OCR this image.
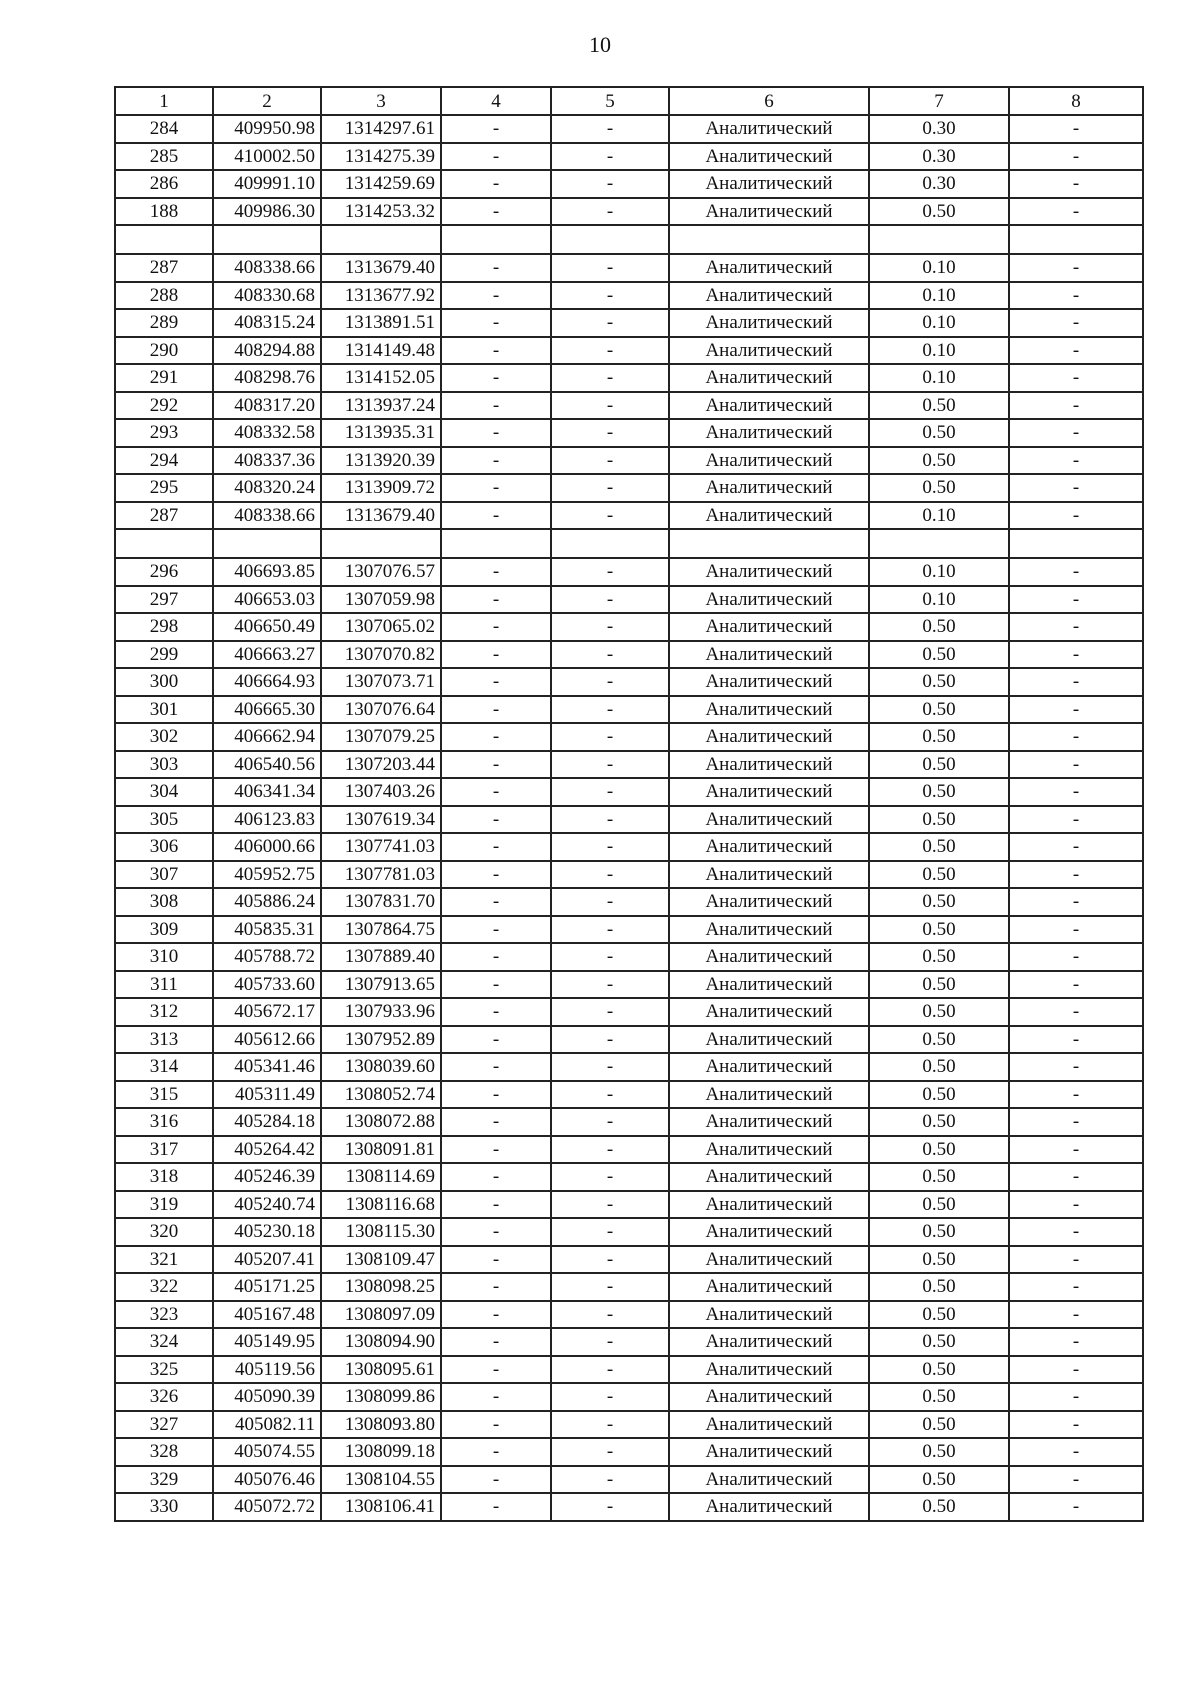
10
1	2	3	4	5	6	7	8
284	409950.98	1314297.61	-	-	Аналитический	0.30	-
285	410002.50	1314275.39	-	-	Аналитический	0.30	-
286	409991.10	1314259.69	-	-	Аналитический	0.30	-
188	409986.30	1314253.32	-	-	Аналитический	0.50	-

287	408338.66	1313679.40	-	-	Аналитический	0.10	-
288	408330.68	1313677.92	-	-	Аналитический	0.10	-
289	408315.24	1313891.51	-	-	Аналитический	0.10	-
290	408294.88	1314149.48	-	-	Аналитический	0.10	-
291	408298.76	1314152.05	-	-	Аналитический	0.10	-
292	408317.20	1313937.24	-	-	Аналитический	0.50	-
293	408332.58	1313935.31	-	-	Аналитический	0.50	-
294	408337.36	1313920.39	-	-	Аналитический	0.50	-
295	408320.24	1313909.72	-	-	Аналитический	0.50	-
287	408338.66	1313679.40	-	-	Аналитический	0.10	-

296	406693.85	1307076.57	-	-	Аналитический	0.10	-
297	406653.03	1307059.98	-	-	Аналитический	0.10	-
298	406650.49	1307065.02	-	-	Аналитический	0.50	-
299	406663.27	1307070.82	-	-	Аналитический	0.50	-
300	406664.93	1307073.71	-	-	Аналитический	0.50	-
301	406665.30	1307076.64	-	-	Аналитический	0.50	-
302	406662.94	1307079.25	-	-	Аналитический	0.50	-
303	406540.56	1307203.44	-	-	Аналитический	0.50	-
304	406341.34	1307403.26	-	-	Аналитический	0.50	-
305	406123.83	1307619.34	-	-	Аналитический	0.50	-
306	406000.66	1307741.03	-	-	Аналитический	0.50	-
307	405952.75	1307781.03	-	-	Аналитический	0.50	-
308	405886.24	1307831.70	-	-	Аналитический	0.50	-
309	405835.31	1307864.75	-	-	Аналитический	0.50	-
310	405788.72	1307889.40	-	-	Аналитический	0.50	-
311	405733.60	1307913.65	-	-	Аналитический	0.50	-
312	405672.17	1307933.96	-	-	Аналитический	0.50	-
313	405612.66	1307952.89	-	-	Аналитический	0.50	-
314	405341.46	1308039.60	-	-	Аналитический	0.50	-
315	405311.49	1308052.74	-	-	Аналитический	0.50	-
316	405284.18	1308072.88	-	-	Аналитический	0.50	-
317	405264.42	1308091.81	-	-	Аналитический	0.50	-
318	405246.39	1308114.69	-	-	Аналитический	0.50	-
319	405240.74	1308116.68	-	-	Аналитический	0.50	-
320	405230.18	1308115.30	-	-	Аналитический	0.50	-
321	405207.41	1308109.47	-	-	Аналитический	0.50	-
322	405171.25	1308098.25	-	-	Аналитический	0.50	-
323	405167.48	1308097.09	-	-	Аналитический	0.50	-
324	405149.95	1308094.90	-	-	Аналитический	0.50	-
325	405119.56	1308095.61	-	-	Аналитический	0.50	-
326	405090.39	1308099.86	-	-	Аналитический	0.50	-
327	405082.11	1308093.80	-	-	Аналитический	0.50	-
328	405074.55	1308099.18	-	-	Аналитический	0.50	-
329	405076.46	1308104.55	-	-	Аналитический	0.50	-
330	405072.72	1308106.41	-	-	Аналитический	0.50	-
